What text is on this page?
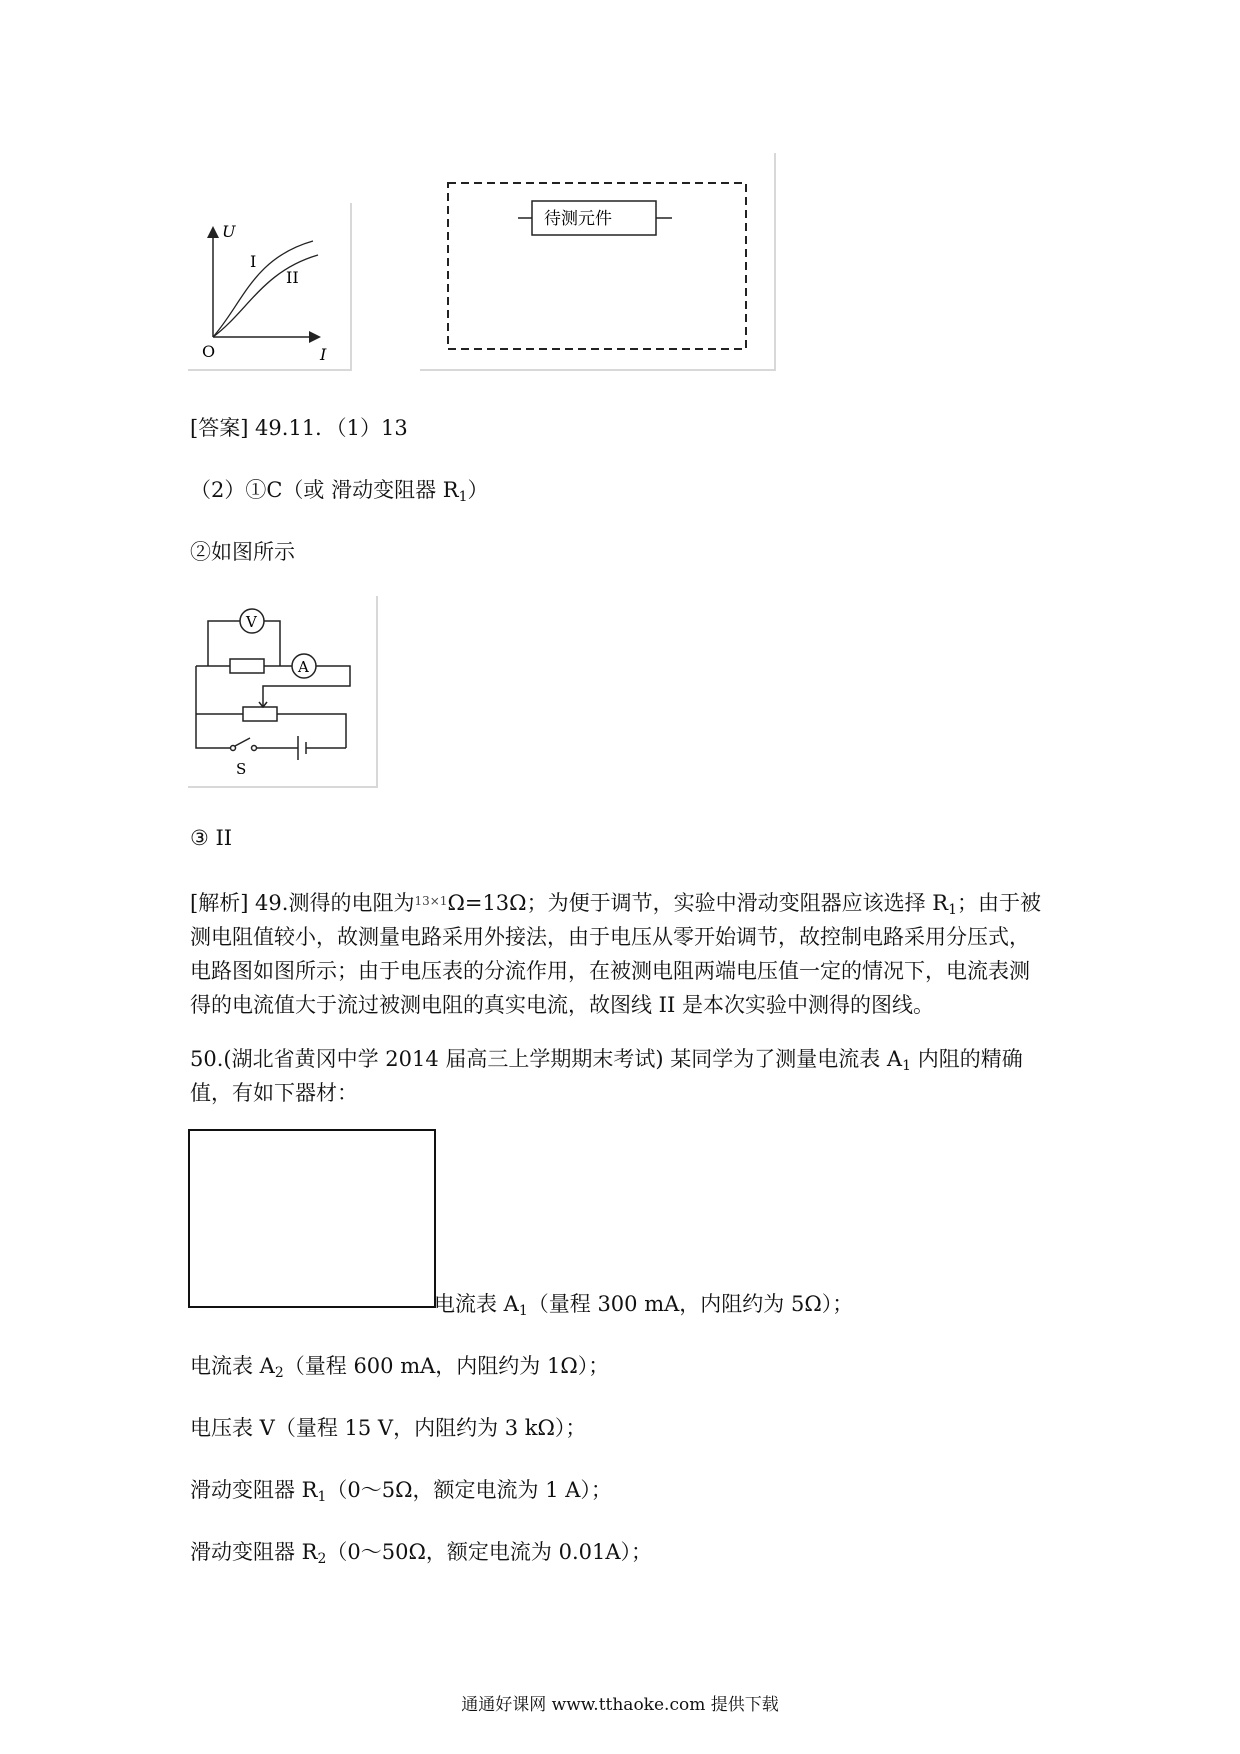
U
I
O
I
II
待测元件
[答案] 49.11．（1）13
（2）①C（或 滑动变阻器 $R_1$）
②如图所示
V
A
S
③ II

[解析] 49.测得的电阻为$^{13\times 1}$Ω=13Ω；为便于调节，实验中滑动变阻器应该选择 $R_1$；由于被

测电阻值较小，故测量电路采用外接法，由于电压从零开始调节，故控制电路采用分压式，

电路图如图所示；由于电压表的分流作用，在被测电阻两端电压值一定的情况下，电流表测

得的电流值大于流过被测电阻的真实电流，故图线 II 是本次实验中测得的图线。

50.(湖北省黄冈中学 2014 届高三上学期期末考试) 某同学为了测量电流表 $A_1$ 内阻的精确

值，有如下器材：

电流表 $A_1$（量程 300 mA，内阻约为 5Ω）；
电流表 $A_2$（量程 600 mA，内阻约为 1Ω）；
电压表 V（量程 15 V，内阻约为 3 kΩ）；
滑动变阻器 $R_1(0\sim 5\Omega$，额定电流为 1 A）；
滑动变阻器 $R_2(0\sim 50\Omega$，额定电流为 0.01A）；
通通好课网 www.tthaoke.com 提供下载
